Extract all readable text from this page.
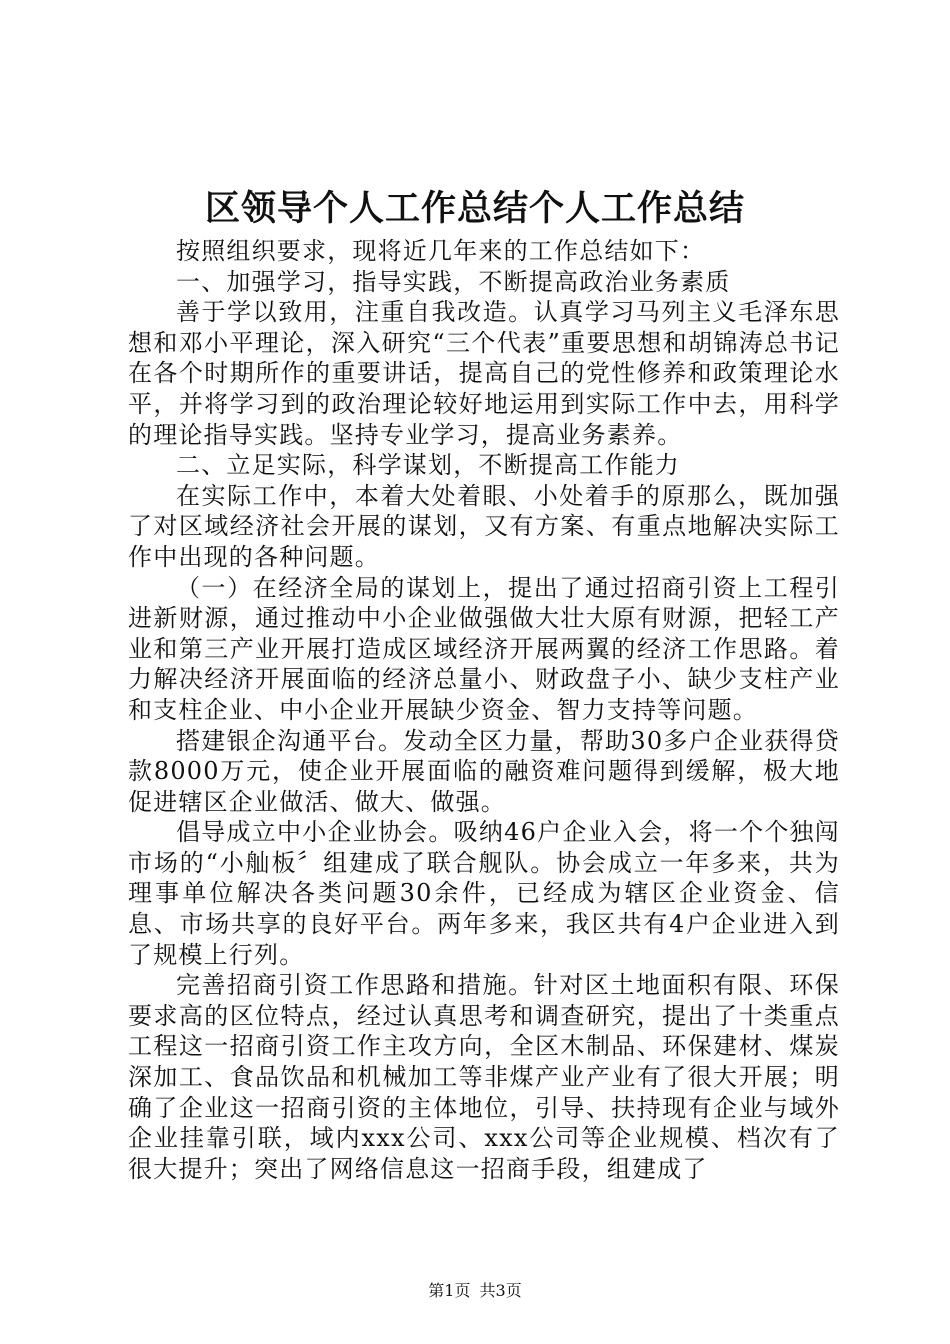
区领导个人工作总结个人工作总结

按照组织要求，现将近几年来的工作总结如下：

一、加强学习，指导实践，不断提高政治业务素质

善于学以致用，注重自我改造。认真学习马列主义毛泽东思想和邓小平理论，深入研究“三个代表”重要思想和胡锦涛总书记在各个时期所作的重要讲话，提高自己的党性修养和政策理论水平，并将学习到的政治理论较好地运用到实际工作中去，用科学的理论指导实践。坚持专业学习，提高业务素养。

二、立足实际，科学谋划，不断提高工作能力

在实际工作中，本着大处着眼、小处着手的原那么，既加强了对区域经济社会开展的谋划，又有方案、有重点地解决实际工作中出现的各种问题。

（一）在经济全局的谋划上，提出了通过招商引资上工程引进新财源，通过推动中小企业做强做大壮大原有财源，把轻工产业和第三产业开展打造成区域经济开展两翼的经济工作思路。着力解决经济开展面临的经济总量小、财政盘子小、缺少支柱产业和支柱企业、中小企业开展缺少资金、智力支持等问题。

搭建银企沟通平台。发动全区力量，帮助30多户企业获得贷款8000万元，使企业开展面临的融资难问题得到缓解，极大地促进辖区企业做活、做大、做强。

倡导成立中小企业协会。吸纳46户企业入会，将一个个独闯市场的“小舢板〞组建成了联合舰队。协会成立一年多来，共为理事单位解决各类问题30余件，已经成为辖区企业资金、信息、市场共享的良好平台。两年多来，我区共有4户企业进入到了规模上行列。

完善招商引资工作思路和措施。针对区土地面积有限、环保要求高的区位特点，经过认真思考和调查研究，提出了十类重点工程这一招商引资工作主攻方向，全区木制品、环保建材、煤炭深加工、食品饮品和机械加工等非煤产业产业有了很大开展；明确了企业这一招商引资的主体地位，引导、扶持现有企业与域外企业挂靠引联，域内xxx公司、xxx公司等企业规模、档次有了很大提升；突出了网络信息这一招商手段，组建成了

第1页 共3页
